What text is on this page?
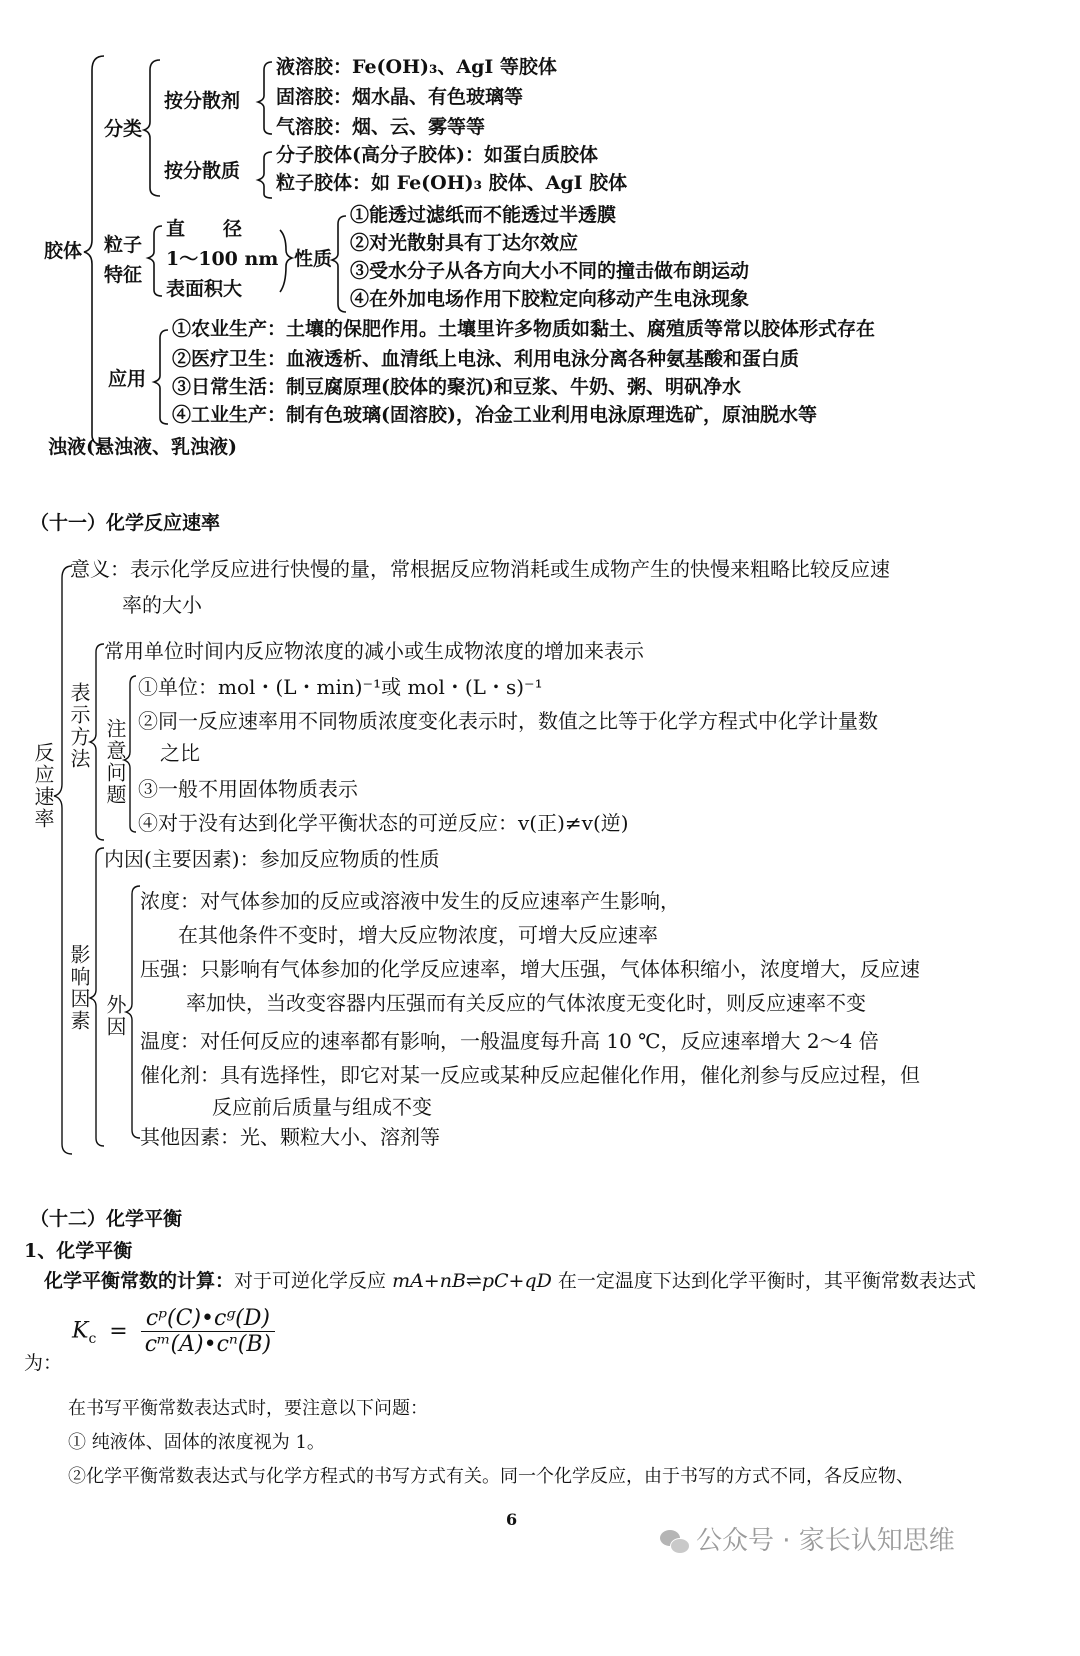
胶体
分类
按分散剂
液溶胶：Fe(OH)₃、AgI 等胶体
固溶胶：烟水晶、有色玻璃等
气溶胶：烟、云、雾等等
按分散质
分子胶体(高分子胶体)：如蛋白质胶体
粒子胶体：如 Fe(OH)₃ 胶体、AgI 胶体
粒子
特征
直　　径
1～100 nm
表面积大
性质
①能透过滤纸而不能透过半透膜
②对光散射具有丁达尔效应
③受水分子从各方向大小不同的撞击做布朗运动
④在外加电场作用下胶粒定向移动产生电泳现象
应用
①农业生产：土壤的保肥作用。土壤里许多物质如黏土、腐殖质等常以胶体形式存在
②医疗卫生：血液透析、血清纸上电泳、利用电泳分离各种氨基酸和蛋白质
③日常生活：制豆腐原理(胶体的聚沉)和豆浆、牛奶、粥、明矾净水
④工业生产：制有色玻璃(固溶胶)，冶金工业利用电泳原理选矿，原油脱水等
浊液(悬浊液、乳浊液)
（十一）化学反应速率
反应速率
意义：表示化学反应进行快慢的量，常根据反应物消耗或生成物产生的快慢来粗略比较反应速
率的大小
表示方法
常用单位时间内反应物浓度的减小或生成物浓度的增加来表示
注意问题
①单位：mol・(L・min)⁻¹或 mol・(L・s)⁻¹
②同一反应速率用不同物质浓度变化表示时，数值之比等于化学方程式中化学计量数
之比
③一般不用固体物质表示
④对于没有达到化学平衡状态的可逆反应：v(正)≠v(逆)
影响因素
内因(主要因素)：参加反应物质的性质
外因
浓度：对气体参加的反应或溶液中发生的反应速率产生影响，
在其他条件不变时，增大反应物浓度，可增大反应速率
压强：只影响有气体参加的化学反应速率，增大压强，气体体积缩小，浓度增大，反应速
率加快，当改变容器内压强而有关反应的气体浓度无变化时，则反应速率不变
温度：对任何反应的速率都有影响，一般温度每升高 10 ℃，反应速率增大 2～4 倍
催化剂：具有选择性，即它对某一反应或某种反应起催化作用，催化剂参与反应过程，但
反应前后质量与组成不变
其他因素：光、颗粒大小、溶剂等
（十二）化学平衡
1、化学平衡
化学平衡常数的计算：对于可逆化学反应 mA+nB⇌pC+qD 在一定温度下达到化学平衡时，其平衡常数表达式
为：
$K_c = \frac{\text{cᵖ(C)•cᵍ(D)}}{\text{cᵐ(A)•cⁿ(B)}}$
在书写平衡常数表达式时，要注意以下问题：
① 纯液体、固体的浓度视为 1。
②化学平衡常数表达式与化学方程式的书写方式有关。同一个化学反应，由于书写的方式不同，各反应物、
6
公众号 · 家长认知思维
